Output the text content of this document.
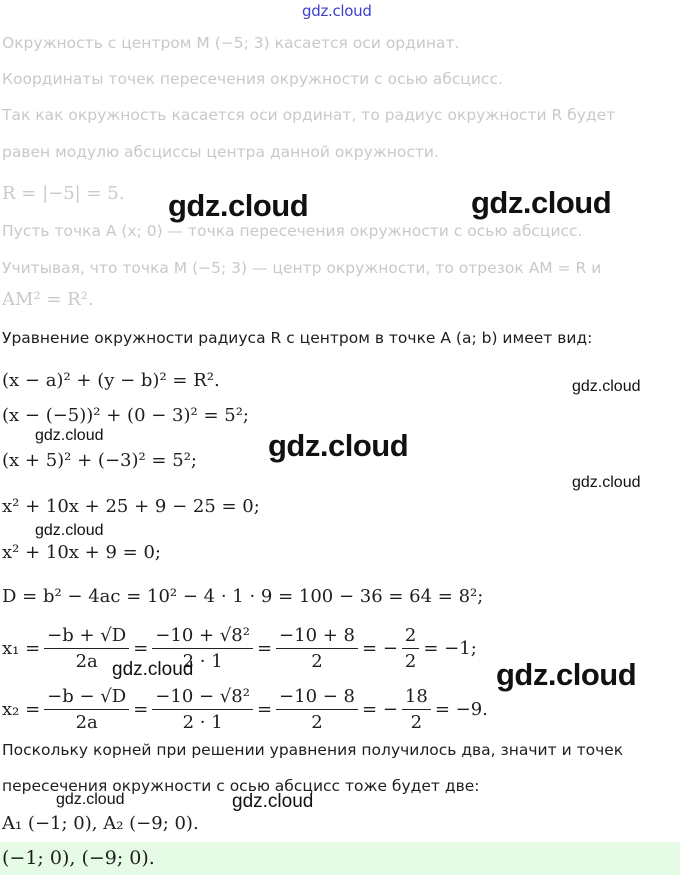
gdz.cloud
Окружность с центром M (−5; 3) касается оси ординат.
Координаты точек пересечения окружности с осью абсцисс.
Так как окружность касается оси ординат, то радиус окружности R будет
равен модулю абсциссы центра данной окружности.
R = |−5| = 5.
Пусть точка A (x; 0) — точка пересечения окружности с осью абсцисс.
Учитывая, что точка M (−5; 3) — центр окружности, то отрезок AM = R и
AM² = R².
Уравнение окружности радиуса R с центром в точке A (a; b) имеет вид:
(x − a)² + (y − b)² = R².
(x − (−5))² + (0 − 3)² = 5²;
(x + 5)² + (−3)² = 5²;
x² + 10x + 25 + 9 − 25 = 0;
x² + 10x + 9 = 0;
D = b² − 4ac = 10² − 4 · 1 · 9 = 100 − 36 = 64 = 8²;
$x_1 = \frac{-b + √D}{2a} = \frac{\text{−10 + √8²}}{2 \cdot 1} = \frac{-10 + 8}{2}$ = − $\frac{2}{2} = -1$;
$x_2 = \frac{-b - √D}{2a} = \frac{\text{−10 − √8²}}{2 \cdot 1} = \frac{-10 - 8}{2}$ = − $\frac{18}{2} = -9$.
Поскольку корней при решении уравнения получилось два, значит и точек
пересечения окружности с осью абсцисс тоже будет две:
A₁ (−1; 0), A₂ (−9; 0).
(−1; 0), (−9; 0).
gdz.cloud	gdz.cloud
gdz.cloud
gdz.cloud	gdz.cloud
gdz.cloud
gdz.cloud
gdz.cloud	gdz.cloud
gdz.cloud	gdz.cloud
